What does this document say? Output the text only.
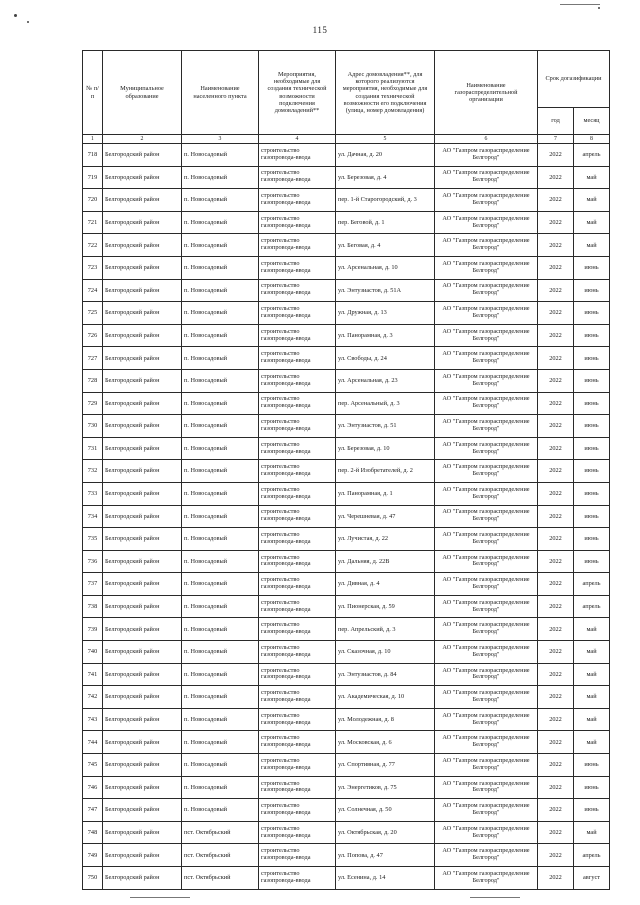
115
№ п/п	Муниципальное образование	Наименование населенного пункта	Мероприятия, необходимые для создания технической возможности подключения домовладений**	Адрес домовладения**, для которого реализуются мероприятия, необходимые для создания технической возможности его подключения (улица, номер домовладения)	Наименование газораспределительной организации	Срок догазификации	
						год	месяц
1	2	3	4	5	6	7	8
718	Белгородский район	п. Новосадовый	строительство газопровода-ввода	ул. Дачная, д. 20	АО "Газпром газораспределение Белгород"	2022	апрель
719	Белгородский район	п. Новосадовый	строительство газопровода-ввода	ул. Березовая, д. 4	АО "Газпром газораспределение Белгород"	2022	май
720	Белгородский район	п. Новосадовый	строительство газопровода-ввода	пер. 1-й Старогородский, д. 3	АО "Газпром газораспределение Белгород"	2022	май
721	Белгородский район	п. Новосадовый	строительство газопровода-ввода	пер. Беговой, д. 1	АО "Газпром газораспределение Белгород"	2022	май
722	Белгородский район	п. Новосадовый	строительство газопровода-ввода	ул. Беговая, д. 4	АО "Газпром газораспределение Белгород"	2022	май
723	Белгородский район	п. Новосадовый	строительство газопровода-ввода	ул. Арсенальная, д. 10	АО "Газпром газораспределение Белгород"	2022	июнь
724	Белгородский район	п. Новосадовый	строительство газопровода-ввода	ул. Энтузиастов, д. 51А	АО "Газпром газораспределение Белгород"	2022	июнь
725	Белгородский район	п. Новосадовый	строительство газопровода-ввода	ул. Дружная, д. 13	АО "Газпром газораспределение Белгород"	2022	июнь
726	Белгородский район	п. Новосадовый	строительство газопровода-ввода	ул. Панорамная, д. 3	АО "Газпром газораспределение Белгород"	2022	июнь
727	Белгородский район	п. Новосадовый	строительство газопровода-ввода	ул. Свободы, д. 24	АО "Газпром газораспределение Белгород"	2022	июнь
728	Белгородский район	п. Новосадовый	строительство газопровода-ввода	ул. Арсенальная, д. 23	АО "Газпром газораспределение Белгород"	2022	июнь
729	Белгородский район	п. Новосадовый	строительство газопровода-ввода	пер. Арсенальный, д. 3	АО "Газпром газораспределение Белгород"	2022	июнь
730	Белгородский район	п. Новосадовый	строительство газопровода-ввода	ул. Энтузиастов, д. 51	АО "Газпром газораспределение Белгород"	2022	июнь
731	Белгородский район	п. Новосадовый	строительство газопровода-ввода	ул. Березовая, д. 10	АО "Газпром газораспределение Белгород"	2022	июнь
732	Белгородский район	п. Новосадовый	строительство газопровода-ввода	пер. 2-й Изобретателей, д. 2	АО "Газпром газораспределение Белгород"	2022	июнь
733	Белгородский район	п. Новосадовый	строительство газопровода-ввода	ул. Панорамная, д. 1	АО "Газпром газораспределение Белгород"	2022	июнь
734	Белгородский район	п. Новосадовый	строительство газопровода-ввода	ул. Черешневая, д. 47	АО "Газпром газораспределение Белгород"	2022	июнь
735	Белгородский район	п. Новосадовый	строительство газопровода-ввода	ул. Лучистая, д. 22	АО "Газпром газораспределение Белгород"	2022	июнь
736	Белгородский район	п. Новосадовый	строительство газопровода-ввода	ул. Дальняя, д. 22В	АО "Газпром газораспределение Белгород"	2022	июнь
737	Белгородский район	п. Новосадовый	строительство газопровода-ввода	ул. Дивная, д. 4	АО "Газпром газораспределение Белгород"	2022	апрель
738	Белгородский район	п. Новосадовый	строительство газопровода-ввода	ул. Пионерская, д. 59	АО "Газпром газораспределение Белгород"	2022	апрель
739	Белгородский район	п. Новосадовый	строительство газопровода-ввода	пер. Апрельский, д. 3	АО "Газпром газораспределение Белгород"	2022	май
740	Белгородский район	п. Новосадовый	строительство газопровода-ввода	ул. Сказочная, д. 10	АО "Газпром газораспределение Белгород"	2022	май
741	Белгородский район	п. Новосадовый	строительство газопровода-ввода	ул. Энтузиастов, д. 84	АО "Газпром газораспределение Белгород"	2022	май
742	Белгородский район	п. Новосадовый	строительство газопровода-ввода	ул. Академическая, д. 10	АО "Газпром газораспределение Белгород"	2022	май
743	Белгородский район	п. Новосадовый	строительство газопровода-ввода	ул. Молодежная, д. 8	АО "Газпром газораспределение Белгород"	2022	май
744	Белгородский район	п. Новосадовый	строительство газопровода-ввода	ул. Московская, д. 6	АО "Газпром газораспределение Белгород"	2022	май
745	Белгородский район	п. Новосадовый	строительство газопровода-ввода	ул. Спортивная, д. 77	АО "Газпром газораспределение Белгород"	2022	июнь
746	Белгородский район	п. Новосадовый	строительство газопровода-ввода	ул. Энергетиков, д. 75	АО "Газпром газораспределение Белгород"	2022	июнь
747	Белгородский район	п. Новосадовый	строительство газопровода-ввода	ул. Солнечная, д. 50	АО "Газпром газораспределение Белгород"	2022	июнь
748	Белгородский район	пст. Октябрьский	строительство газопровода-ввода	ул. Октябрьская, д. 20	АО "Газпром газораспределение Белгород"	2022	май
749	Белгородский район	пст. Октябрьский	строительство газопровода-ввода	ул. Попова, д. 47	АО "Газпром газораспределение Белгород"	2022	апрель
750	Белгородский район	пст. Октябрьский	строительство газопровода-ввода	ул. Есенина, д. 14	АО "Газпром газораспределение Белгород"	2022	август
